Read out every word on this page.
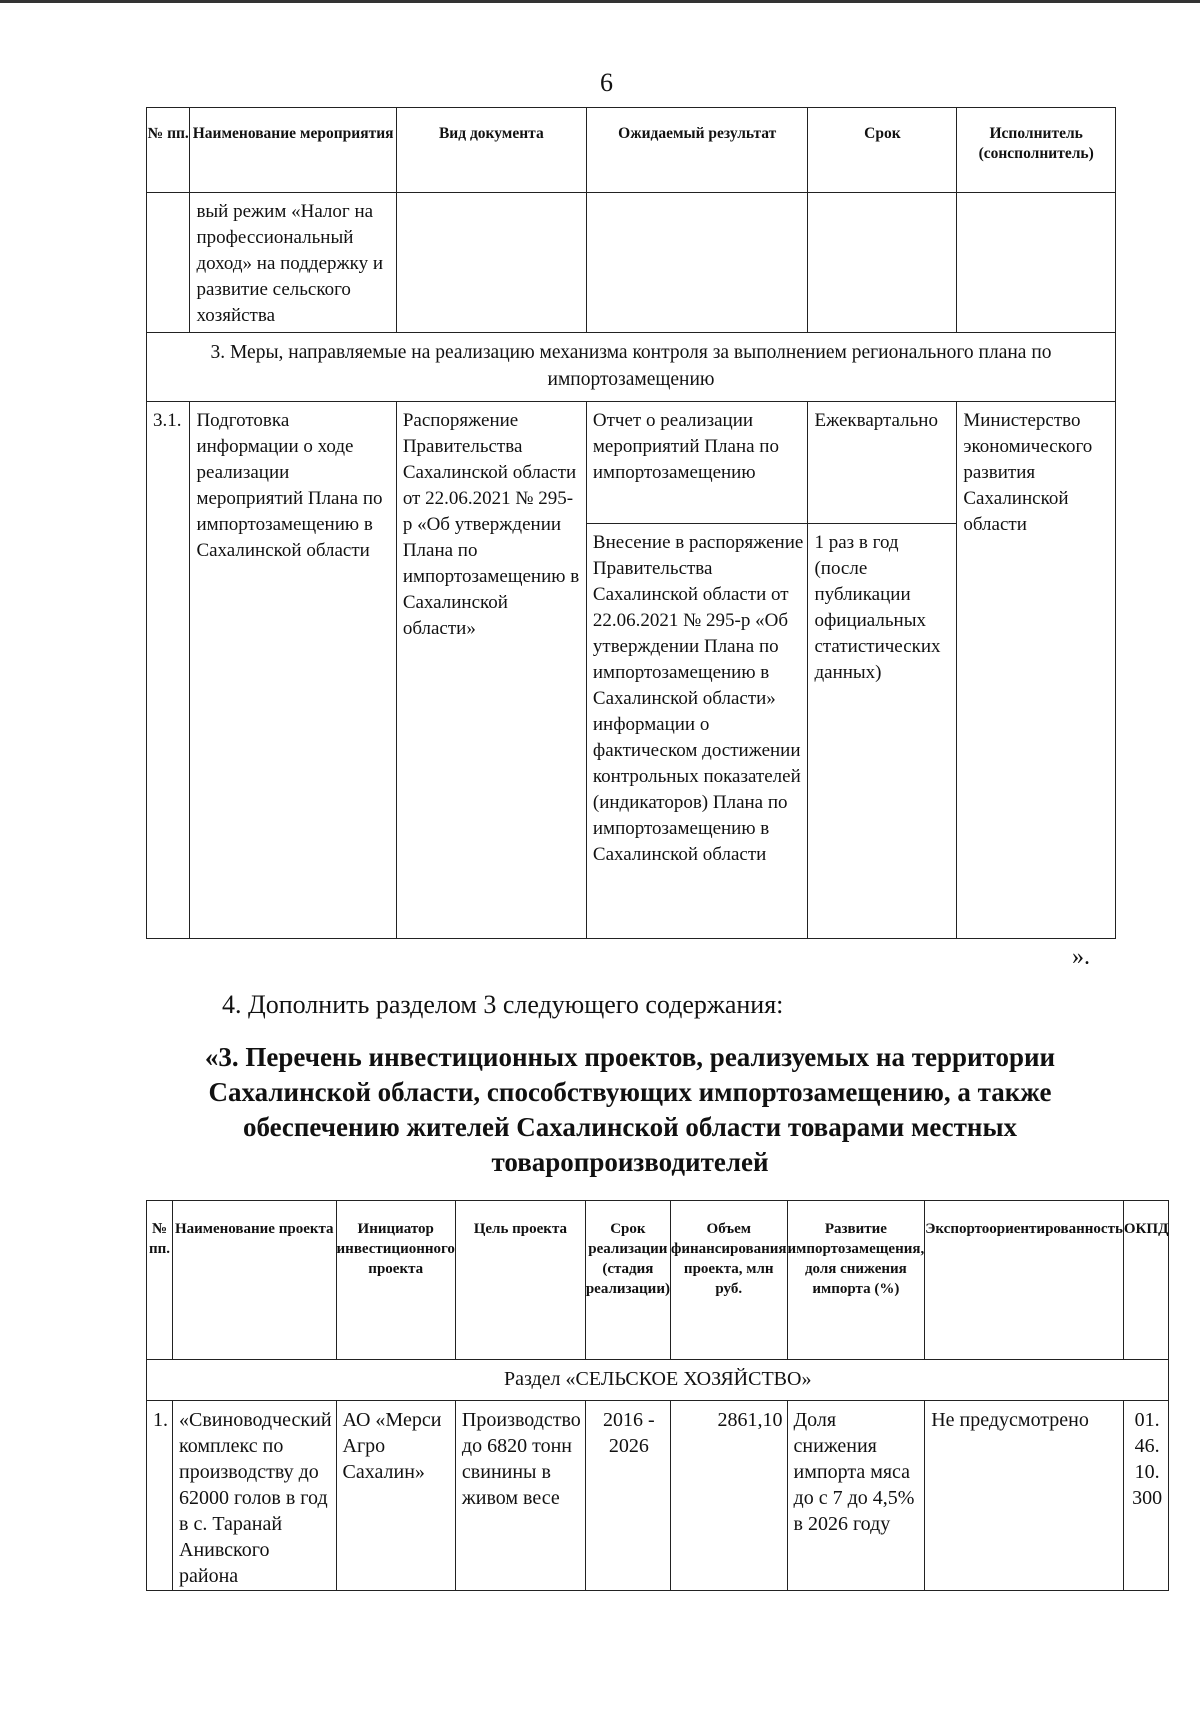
6
№ пп.	Наименование мероприятия	Вид документа	Ожидаемый результат	Срок	Исполнитель (сонсполнитель)

	вый режим «Налог на профессиональный доход» на поддержку и развитие сельского хозяйства				

3. Меры, направляемые на реализацию механизма контроля за выполнением регионального плана по импортозамещению					

3.1.	Подготовка информации о ходе реализации мероприятий Плана по импортозамещению в Сахалинской области	Распоряжение Правительства Сахалинской области от 22.06.2021 № 295-р «Об утверждении Плана по импортозамещению в Сахалинской области»	Отчет о реализации мероприятий Плана по импортозамещению	Ежеквартально	Министерство экономического развития Сахалинской области

			Внесение в распоряжение Правительства Сахалинской области от 22.06.2021 № 295-р «Об утверждении Плана по импортозамещению в Сахалинской области» информации о фактическом достижении контрольных показателей (индикаторов) Плана по импортозамещению в Сахалинской области	1 раз в год (после публикации официальных статистических данных)	
».
4. Дополнить разделом 3 следующего содержания:
«3. Перечень инвестиционных проектов, реализуемых на территории Сахалинской области, способствующих импортозамещению, а также обеспечению жителей Сахалинской области товарами местных товаропроизводителей
№ пп.	Наименование проекта	Инициатор инвестиционного проекта	Цель проекта	Срок реализации (стадия реализации)	Объем финансирования проекта, млн руб.	Развитие импортозамещения, доля снижения импорта (%)	Экспортоориентированность	ОКПД
Раздел «СЕЛЬСКОЕ ХОЗЯЙСТВО»								

1.	«Свиноводческий комплекс по производству до 62000 голов в год в с. Таранай Анивского района	АО «Мерси Агро Сахалин»	Производство до 6820 тонн свинины в живом весе	2016 - 2026	2861,10	Доля снижения импорта мяса до с 7 до 4,5% в 2026 году	Не предусмотрено	01.46.10.300
